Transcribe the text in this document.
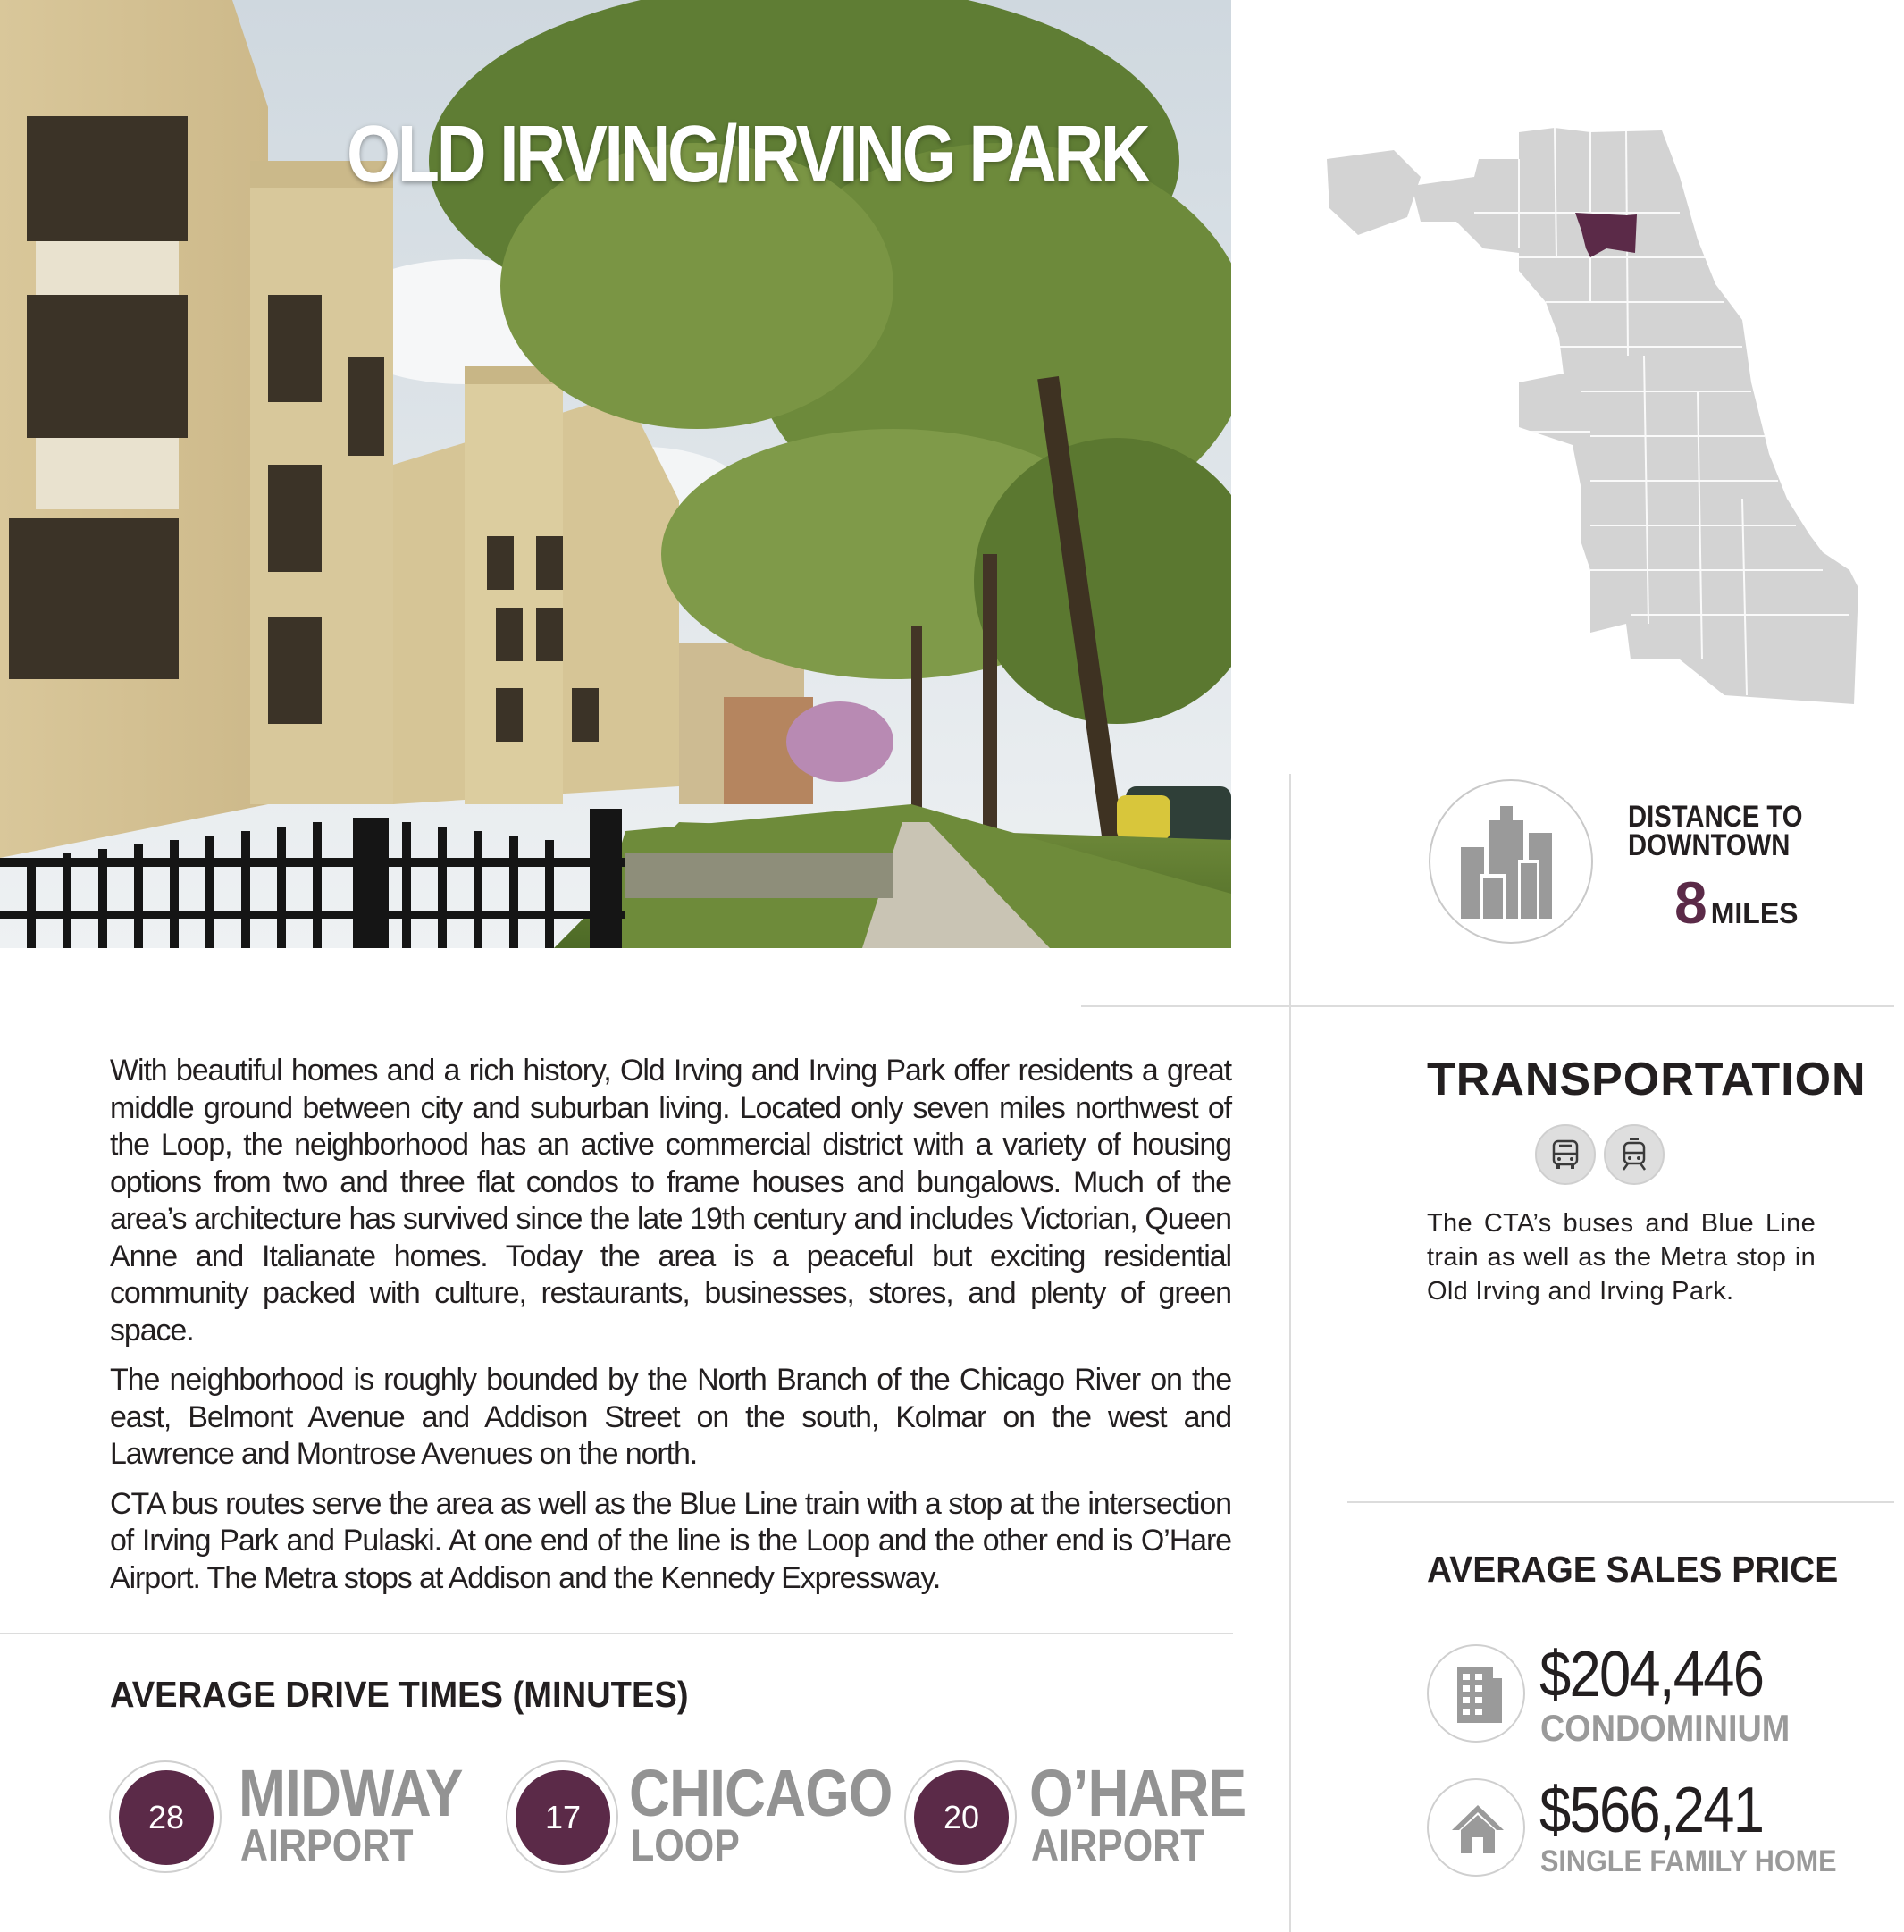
OLD IRVING/IRVING PARK
DISTANCE TO DOWNTOWN
8 MILES

With beautiful homes and a rich history, Old Irving and Irving Park offer residents a great middle ground between city and suburban living. Located only seven miles northwest of the Loop, the neighborhood has an active commercial district with a variety of housing options from two and three flat condos to frame houses and bungalows. Much of the area’s architecture has survived since the late 19th century and includes Victorian, Queen Anne and Italianate homes. Today the area is a peaceful but exciting residential community packed with culture, restaurants, businesses, stores, and plenty of green space.

The neighborhood is roughly bounded by the North Branch of the Chicago River on the east, Belmont Avenue and Addison Street on the south, Kolmar on the west and Lawrence and Montrose Avenues on the north.

CTA bus routes serve the area as well as the Blue Line train with a stop at the intersection of Irving Park and Pulaski. At one end of the line is the Loop and the other end is O’Hare Airport. The Metra stops at Addison and the Kennedy Expressway.

TRANSPORTATION
The CTA’s buses and Blue Line train as well as the Metra stop in Old Irving and Irving Park.
AVERAGE SALES PRICE
$204,446
CONDOMINIUM
$566,241
SINGLE FAMILY HOME
AVERAGE DRIVE TIMES (MINUTES)
28 MIDWAY
AIRPORT
17 CHICAGO
LOOP
20 O’HARE
AIRPORT
